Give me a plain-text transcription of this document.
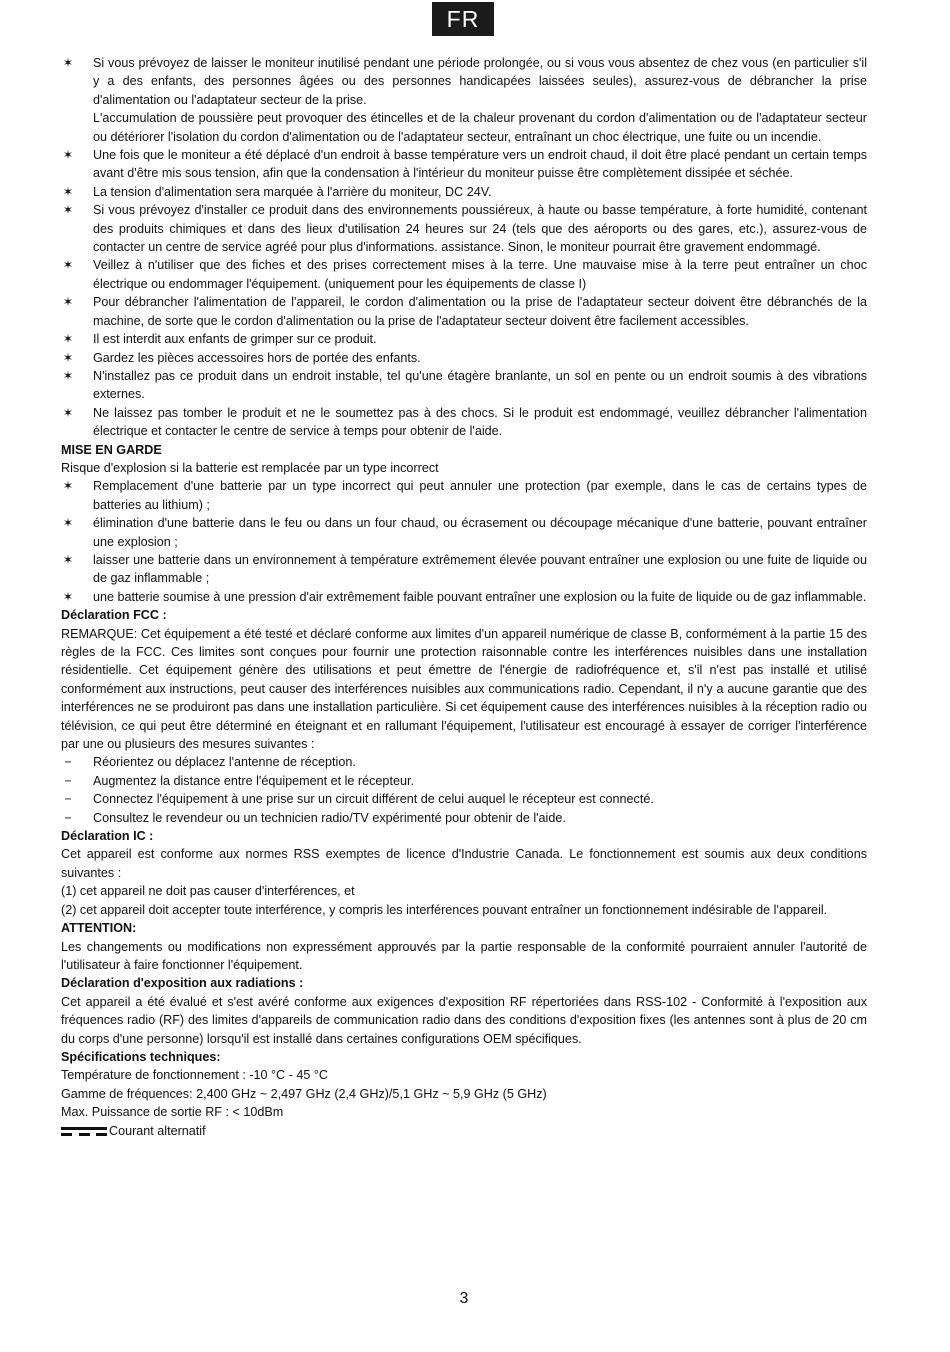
FR
✶ Si vous prévoyez de laisser le moniteur inutilisé pendant une période prolongée, ou si vous vous absentez de chez vous (en particulier s'il y a des enfants, des personnes âgées ou des personnes handicapées laissées seules), assurez-vous de débrancher la prise d'alimentation ou l'adaptateur secteur de la prise.
L'accumulation de poussière peut provoquer des étincelles et de la chaleur provenant du cordon d'alimentation ou de l'adaptateur secteur ou détériorer l'isolation du cordon d'alimentation ou de l'adaptateur secteur, entraînant un choc électrique, une fuite ou un incendie.
✶ Une fois que le moniteur a été déplacé d'un endroit à basse température vers un endroit chaud, il doit être placé pendant un certain temps avant d'être mis sous tension, afin que la condensation à l'intérieur du moniteur puisse être complètement dissipée et séchée.
✶ La tension d'alimentation sera marquée à l'arrière du moniteur, DC 24V.
✶ Si vous prévoyez d'installer ce produit dans des environnements poussiéreux, à haute ou basse température, à forte humidité, contenant des produits chimiques et dans des lieux d'utilisation 24 heures sur 24 (tels que des aéroports ou des gares, etc.), assurez-vous de contacter un centre de service agréé pour plus d'informations. assistance. Sinon, le moniteur pourrait être gravement endommagé.
✶ Veillez à n'utiliser que des fiches et des prises correctement mises à la terre. Une mauvaise mise à la terre peut entraîner un choc électrique ou endommager l'équipement. (uniquement pour les équipements de classe I)
✶ Pour débrancher l'alimentation de l'appareil, le cordon d'alimentation ou la prise de l'adaptateur secteur doivent être débranchés de la machine, de sorte que le cordon d'alimentation ou la prise de l'adaptateur secteur doivent être facilement accessibles.
✶ Il est interdit aux enfants de grimper sur ce produit.
✶ Gardez les pièces accessoires hors de portée des enfants.
✶ N'installez pas ce produit dans un endroit instable, tel qu'une étagère branlante, un sol en pente ou un endroit soumis à des vibrations externes.
✶ Ne laissez pas tomber le produit et ne le soumettez pas à des chocs. Si le produit est endommagé, veuillez débrancher l'alimentation électrique et contacter le centre de service à temps pour obtenir de l'aide.

MISE EN GARDE

Risque d'explosion si la batterie est remplacée par un type incorrect

✶ Remplacement d'une batterie par un type incorrect qui peut annuler une protection (par exemple, dans le cas de certains types de batteries au lithium) ;
✶ élimination d'une batterie dans le feu ou dans un four chaud, ou écrasement ou découpage mécanique d'une batterie, pouvant entraîner une explosion ;
✶ laisser une batterie dans un environnement à température extrêmement élevée pouvant entraîner une explosion ou une fuite de liquide ou de gaz inflammable ;
✶ une batterie soumise à une pression d'air extrêmement faible pouvant entraîner une explosion ou la fuite de liquide ou de gaz inflammable.

Déclaration FCC :

REMARQUE: Cet équipement a été testé et déclaré conforme aux limites d'un appareil numérique de classe B, conformément à la partie 15 des règles de la FCC. Ces limites sont conçues pour fournir une protection raisonnable contre les interférences nuisibles dans une installation résidentielle. Cet équipement génère des utilisations et peut émettre de l'énergie de radiofréquence et, s'il n'est pas installé et utilisé conformément aux instructions, peut causer des interférences nuisibles aux communications radio. Cependant, il n'y a aucune garantie que des interférences ne se produiront pas dans une installation particulière. Si cet équipement cause des interférences nuisibles à la réception radio ou télévision, ce qui peut être déterminé en éteignant et en rallumant l'équipement, l'utilisateur est encouragé à essayer de corriger l'interférence par une ou plusieurs des mesures suivantes :

− Réorientez ou déplacez l'antenne de réception.
− Augmentez la distance entre l'équipement et le récepteur.
− Connectez l'équipement à une prise sur un circuit différent de celui auquel le récepteur est connecté.
− Consultez le revendeur ou un technicien radio/TV expérimenté pour obtenir de l'aide.

Déclaration IC :

Cet appareil est conforme aux normes RSS exemptes de licence d'Industrie Canada. Le fonctionnement est soumis aux deux conditions suivantes :

(1) cet appareil ne doit pas causer d'interférences, et

(2) cet appareil doit accepter toute interférence, y compris les interférences pouvant entraîner un fonctionnement indésirable de l'appareil.

ATTENTION:

Les changements ou modifications non expressément approuvés par la partie responsable de la conformité pourraient annuler l'autorité de l'utilisateur à faire fonctionner l'équipement.

Déclaration d'exposition aux radiations :

Cet appareil a été évalué et s'est avéré conforme aux exigences d'exposition RF répertoriées dans RSS-102 - Conformité à l'exposition aux fréquences radio (RF) des limites d'appareils de communication radio dans des conditions d'exposition fixes (les antennes sont à plus de 20 cm du corps d'une personne) lorsqu'il est installé dans certaines configurations OEM spécifiques.

Spécifications techniques:

Température de fonctionnement : -10 °C - 45 °C

Gamme de fréquences: 2,400 GHz ~ 2,497 GHz (2,4 GHz)/5,1 GHz ~ 5,9 GHz (5 GHz)

Max. Puissance de sortie RF : < 10dBm

Courant alternatif

3
